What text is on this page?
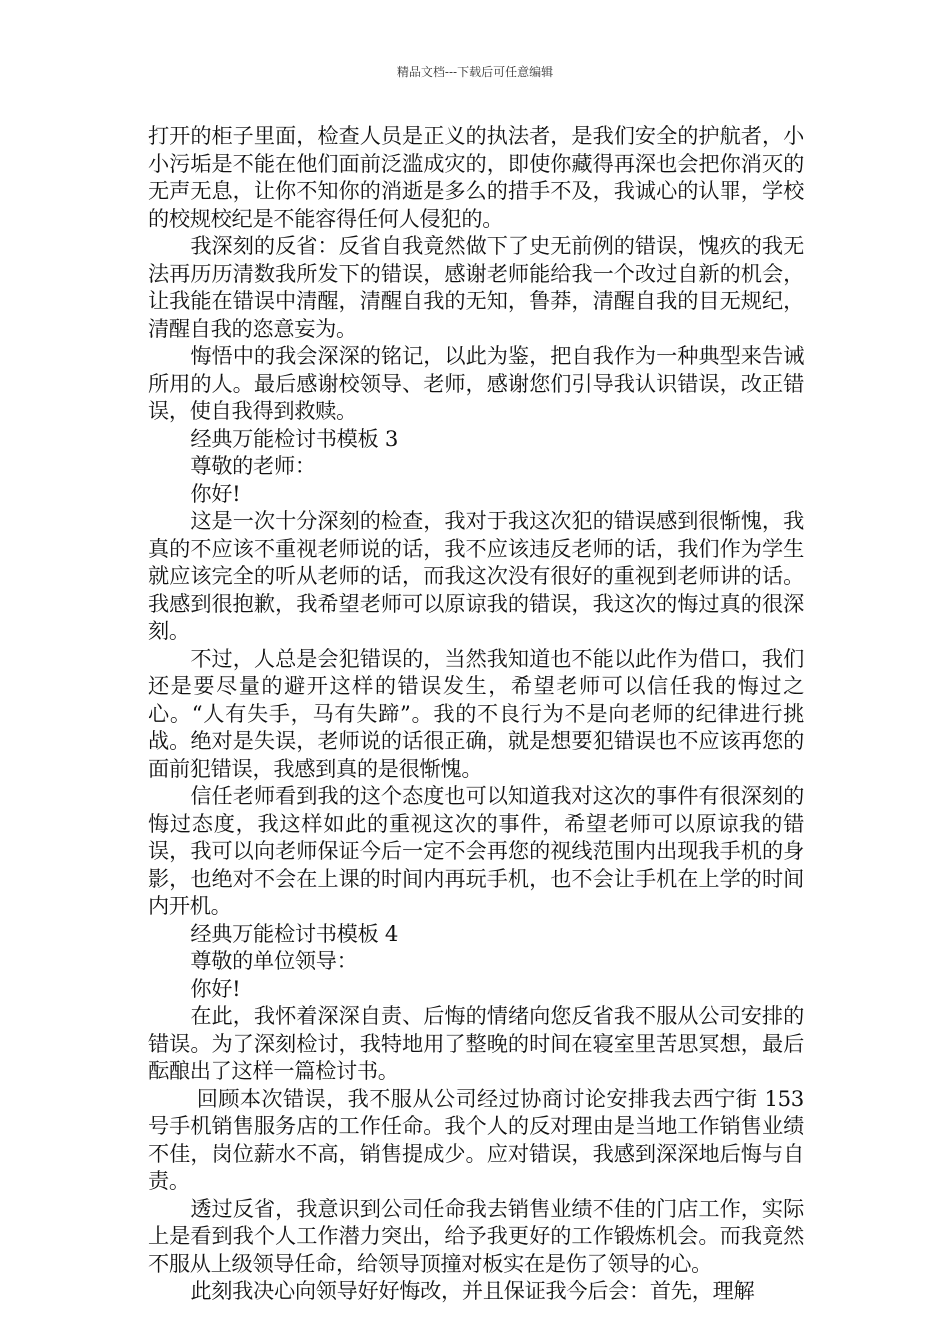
精品文档---下载后可任意编辑

打开的柜子里面，检查人员是正义的执法者，是我们安全的护航者，小小污垢是不能在他们面前泛滥成灾的，即使你藏得再深也会把你消灭的无声无息，让你不知你的消逝是多么的措手不及，我诚心的认罪，学校的校规校纪是不能容得任何人侵犯的。

我深刻的反省：反省自我竟然做下了史无前例的错误，愧疚的我无法再历历清数我所发下的错误，感谢老师能给我一个改过自新的机会，让我能在错误中清醒，清醒自我的无知，鲁莽，清醒自我的目无规纪，清醒自我的恣意妄为。

悔悟中的我会深深的铭记，以此为鉴，把自我作为一种典型来告诫所用的人。最后感谢校领导、老师，感谢您们引导我认识错误，改正错误，使自我得到救赎。

经典万能检讨书模板 3

尊敬的老师：

你好!

这是一次十分深刻的检查，我对于我这次犯的错误感到很惭愧，我真的不应该不重视老师说的话，我不应该违反老师的话，我们作为学生就应该完全的听从老师的话，而我这次没有很好的重视到老师讲的话。我感到很抱歉，我希望老师可以原谅我的错误，我这次的悔过真的很深刻。

不过，人总是会犯错误的，当然我知道也不能以此作为借口，我们还是要尽量的避开这样的错误发生，希望老师可以信任我的悔过之心。“人有失手，马有失蹄”。我的不良行为不是向老师的纪律进行挑战。绝对是失误，老师说的话很正确，就是想要犯错误也不应该再您的面前犯错误，我感到真的是很惭愧。

信任老师看到我的这个态度也可以知道我对这次的事件有很深刻的悔过态度，我这样如此的重视这次的事件，希望老师可以原谅我的错误，我可以向老师保证今后一定不会再您的视线范围内出现我手机的身影，也绝对不会在上课的时间内再玩手机，也不会让手机在上学的时间内开机。

经典万能检讨书模板 4

尊敬的单位领导：

你好!

在此，我怀着深深自责、后悔的情绪向您反省我不服从公司安排的错误。为了深刻检讨，我特地用了整晚的时间在寝室里苦思冥想，最后酝酿出了这样一篇检讨书。

回顾本次错误，我不服从公司经过协商讨论安排我去西宁街 153 号手机销售服务店的工作任命。我个人的反对理由是当地工作销售业绩不佳，岗位薪水不高，销售提成少。应对错误，我感到深深地后悔与自责。

透过反省，我意识到公司任命我去销售业绩不佳的门店工作，实际上是看到我个人工作潜力突出，给予我更好的工作锻炼机会。而我竟然不服从上级领导任命，给领导顶撞对板实在是伤了领导的心。

此刻我决心向领导好好悔改，并且保证我今后会：首先，理解
